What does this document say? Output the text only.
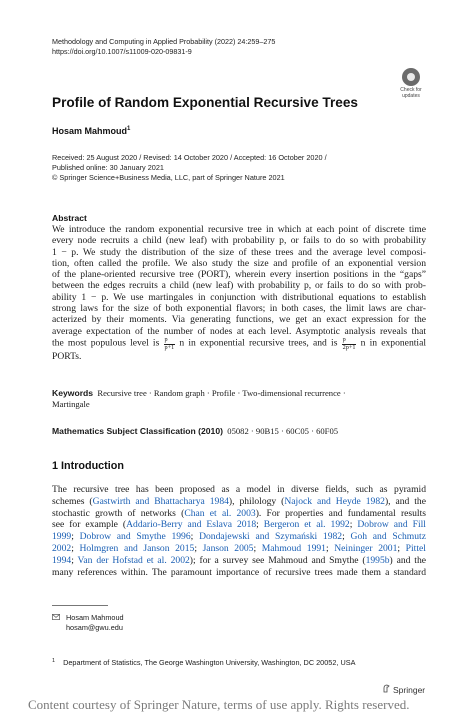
Methodology and Computing in Applied Probability (2022) 24:259–275
https://doi.org/10.1007/s11009-020-09831-9
Check for
updates
Profile of Random Exponential Recursive Trees
Hosam Mahmoud$^1$
Received: 25 August 2020 / Revised: 14 October 2020 / Accepted: 16 October 2020 /
Published online: 30 January 2021
© Springer Science+Business Media, LLC, part of Springer Nature 2021
Abstract
We introduce the random exponential recursive tree in which at each point of discrete time
every node recruits a child (new leaf) with probability p, or fails to do so with probability
1 − p. We study the distribution of the size of these trees and the average level composi-
tion, often called the profile. We also study the size and profile of an exponential version
of the plane-oriented recursive tree (PORT), wherein every insertion positions in the “gaps”
between the edges recruits a child (new leaf) with probability p, or fails to do so with prob-
ability 1 − p. We use martingales in conjunction with distributional equations to establish
strong laws for the size of both exponential flavors; in both cases, the limit laws are char-
acterized by their moments. Via generating functions, we get an exact expression for the
average expectation of the number of nodes at each level. Asymptotic analysis reveals that
the most populous level is $\frac{p}{p+1}$ n in exponential recursive trees, and is $\frac{p}{2p+1}$ n in exponential
PORTs.
Keywords Recursive tree · Random graph · Profile · Two-dimensional recurrence ·
Martingale
Mathematics Subject Classification (2010) 05082 · 90B15 · 60C05 · 60F05
1 Introduction
The recursive tree has been proposed as a model in diverse fields, such as pyramid
schemes (Gastwirth and Bhattacharya 1984), philology (Najock and Heyde 1982), and the
stochastic growth of networks (Chan et al. 2003). For properties and fundamental results
see for example (Addario-Berry and Eslava 2018; Bergeron et al. 1992; Dobrow and Fill
1999; Dobrow and Smythe 1996; Dondajewski and Szymański 1982; Goh and Schmutz
2002; Holmgren and Janson 2015; Janson 2005; Mahmoud 1991; Neininger 2001; Pittel
1994; Van der Hofstad et al. 2002); for a survey see Mahmoud and Smythe (1995b) and the
many references within. The paramount importance of recursive trees made them a standard
Hosam Mahmoud
hosam@gwu.edu
$^1$ Department of Statistics, The George Washington University, Washington, DC 20052, USA
Springer
Content courtesy of Springer Nature, terms of use apply. Rights reserved.
